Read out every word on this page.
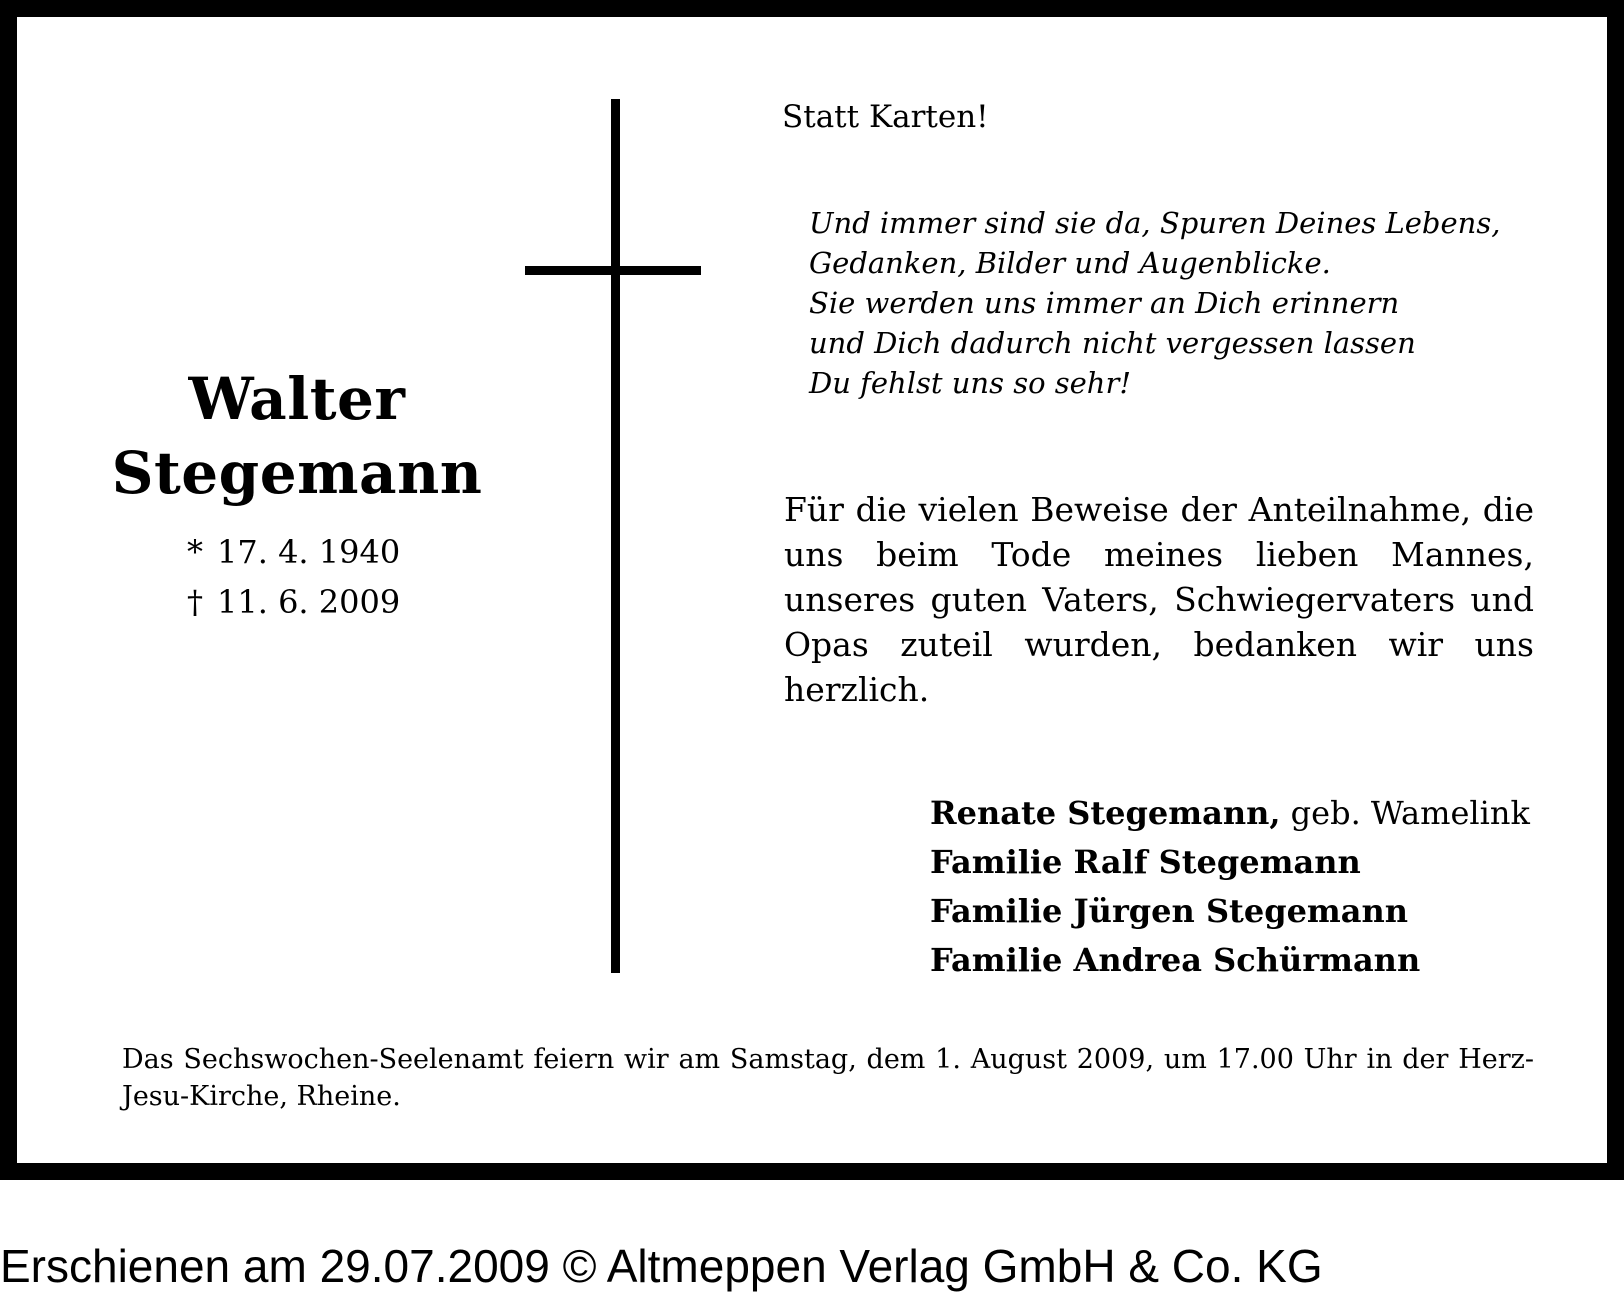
Walter
Stegemann
* 17. 4. 1940
† 11. 6. 2009
Statt Karten!
Und immer sind sie da, Spuren Deines Lebens,
Gedanken, Bilder und Augenblicke.
Sie werden uns immer an Dich erinnern
und Dich dadurch nicht vergessen lassen
Du fehlst uns so sehr!
Für die vielen Beweise der Anteilnahme, die uns beim Tode meines lieben Mannes, unseres guten Vaters, Schwiegervaters und Opas zuteil wurden, bedanken wir uns herzlich.
Renate Stegemann, geb. Wamelink
Familie Ralf Stegemann
Familie Jürgen Stegemann
Familie Andrea Schürmann
Das Sechswochen-Seelenamt feiern wir am Samstag, dem 1. August 2009, um 17.00 Uhr in der Herz-Jesu-Kirche, Rheine.
Erschienen am 29.07.2009 © Altmeppen Verlag GmbH & Co. KG
